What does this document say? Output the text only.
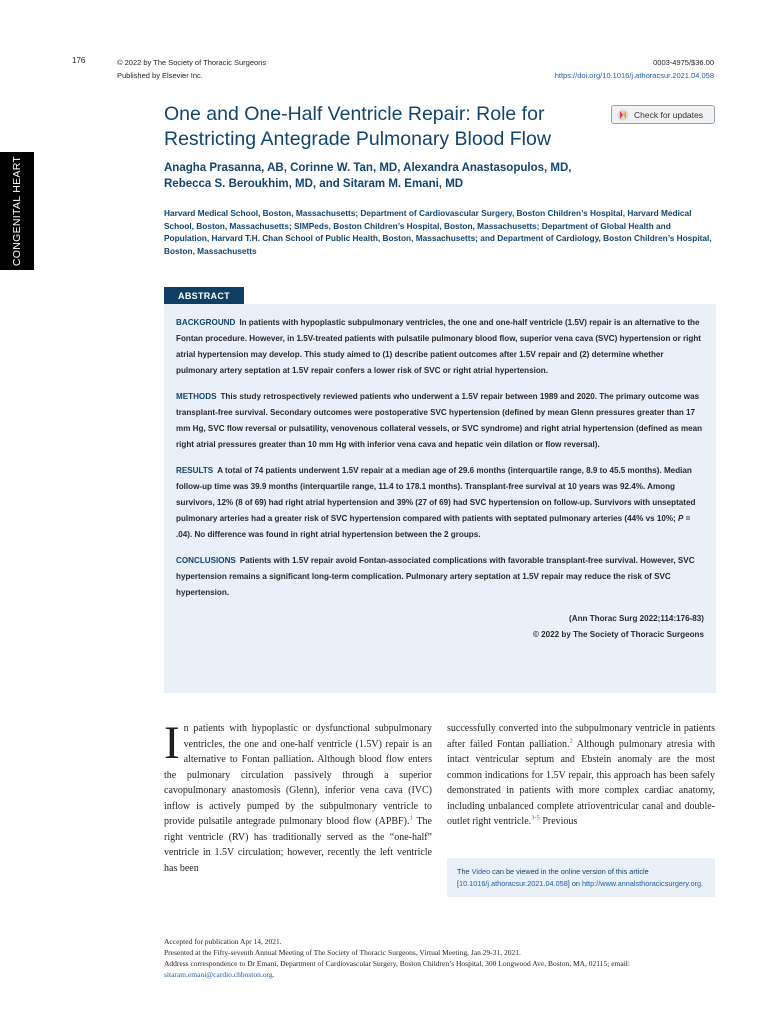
CONGENITAL HEART
176	© 2022 by The Society of Thoracic Surgeons
Published by Elsevier Inc.
0003-4975/$36.00
https://doi.org/10.1016/j.athoracsur.2021.04.058
One and One-Half Ventricle Repair: Role for
Restricting Antegrade Pulmonary Blood Flow
Check for updates
Anagha Prasanna, AB, Corinne W. Tan, MD, Alexandra Anastasopulos, MD,
Rebecca S. Beroukhim, MD, and Sitaram M. Emani, MD
Harvard Medical School, Boston, Massachusetts; Department of Cardiovascular Surgery, Boston Children’s Hospital, Harvard Medical School, Boston, Massachusetts; SIMPeds, Boston Children’s Hospital, Boston, Massachusetts; Department of Global Health and Population, Harvard T.H. Chan School of Public Health, Boston, Massachusetts; and Department of Cardiology, Boston Children’s Hospital, Boston, Massachusetts
ABSTRACT

BACKGROUND In patients with hypoplastic subpulmonary ventricles, the one and one-half ventricle (1.5V) repair is an alternative to the Fontan procedure. However, in 1.5V-treated patients with pulsatile pulmonary blood flow, superior vena cava (SVC) hypertension or right atrial hypertension may develop. This study aimed to (1) describe patient outcomes after 1.5V repair and (2) determine whether pulmonary artery septation at 1.5V repair confers a lower risk of SVC or right atrial hypertension.

METHODS This study retrospectively reviewed patients who underwent a 1.5V repair between 1989 and 2020. The primary outcome was transplant-free survival. Secondary outcomes were postoperative SVC hypertension (defined by mean Glenn pressures greater than 17 mm Hg, SVC flow reversal or pulsatility, venovenous collateral vessels, or SVC syndrome) and right atrial hypertension (defined as mean right atrial pressures greater than 10 mm Hg with inferior vena cava and hepatic vein dilation or flow reversal).

RESULTS A total of 74 patients underwent 1.5V repair at a median age of 29.6 months (interquartile range, 8.9 to 45.5 months). Median follow-up time was 39.9 months (interquartile range, 11.4 to 178.1 months). Transplant-free survival at 10 years was 92.4%. Among survivors, 12% (8 of 69) had right atrial hypertension and 39% (27 of 69) had SVC hypertension on follow-up. Survivors with unseptated pulmonary arteries had a greater risk of SVC hypertension compared with patients with septated pulmonary arteries (44% vs 10%; P = .04). No difference was found in right atrial hypertension between the 2 groups.

CONCLUSIONS Patients with 1.5V repair avoid Fontan-associated complications with favorable transplant-free survival. However, SVC hypertension remains a significant long-term complication. Pulmonary artery septation at 1.5V repair may reduce the risk of SVC hypertension.

(Ann Thorac Surg 2022;114:176-83)
© 2022 by The Society of Thoracic Surgeons
In patients with hypoplastic or dysfunctional subpulmonary ventricles, the one and one-half ventricle (1.5V) repair is an alternative to Fontan palliation. Although blood flow enters the pulmonary circulation passively through a superior cavopulmonary anastomosis (Glenn), inferior vena cava (IVC) inflow is actively pumped by the subpulmonary ventricle to provide pulsatile antegrade pulmonary blood flow (APBF).$^1$ The right ventricle (RV) has traditionally served as the “one-half” ventricle in 1.5V circulation; however, recently the left ventricle has been
successfully converted into the subpulmonary ventricle in patients after failed Fontan palliation.$^2$ Although pulmonary atresia with intact ventricular septum and Ebstein anomaly are the most common indications for 1.5V repair, this approach has been safely demonstrated in patients with more complex cardiac anatomy, including unbalanced complete atrioventricular canal and double-outlet right ventricle.$^{3-5}$ Previous
The Video can be viewed in the online version of this article [10.1016/j.athoracsur.2021.04.058] on http://www.annalsthoracicsurgery.org.
Accepted for publication Apr 14, 2021.
Presented at the Fifty-seventh Annual Meeting of The Society of Thoracic Surgeons, Virtual Meeting, Jan 29-31, 2021.
Address correspondence to Dr Emani, Department of Cardiovascular Surgery, Boston Children’s Hospital, 300 Longwood Ave, Boston, MA, 02115; email: sitaram.emani@cardio.chboston.org.
